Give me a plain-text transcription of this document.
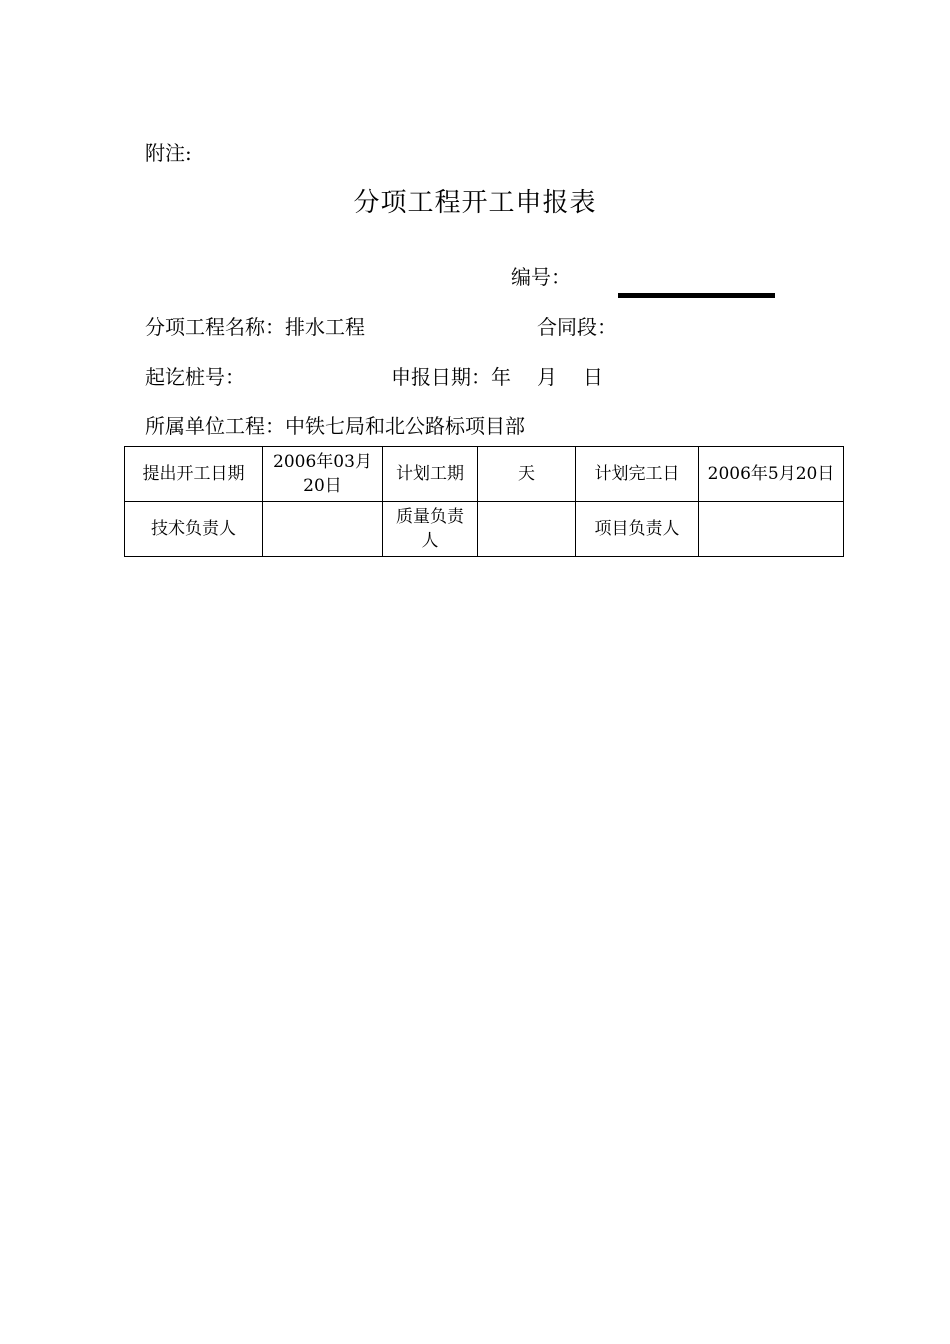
附注:
分项工程开工申报表
编号：
分项工程名称：排水工程	合同段：
起讫桩号：	申报日期：年 月 日
所属单位工程：中铁七局和北公路标项目部
提出开工日期	2006年03月20日	计划工期	天	计划完工日	2006年5月20日
技术负责人		质量负责人		项目负责人	
